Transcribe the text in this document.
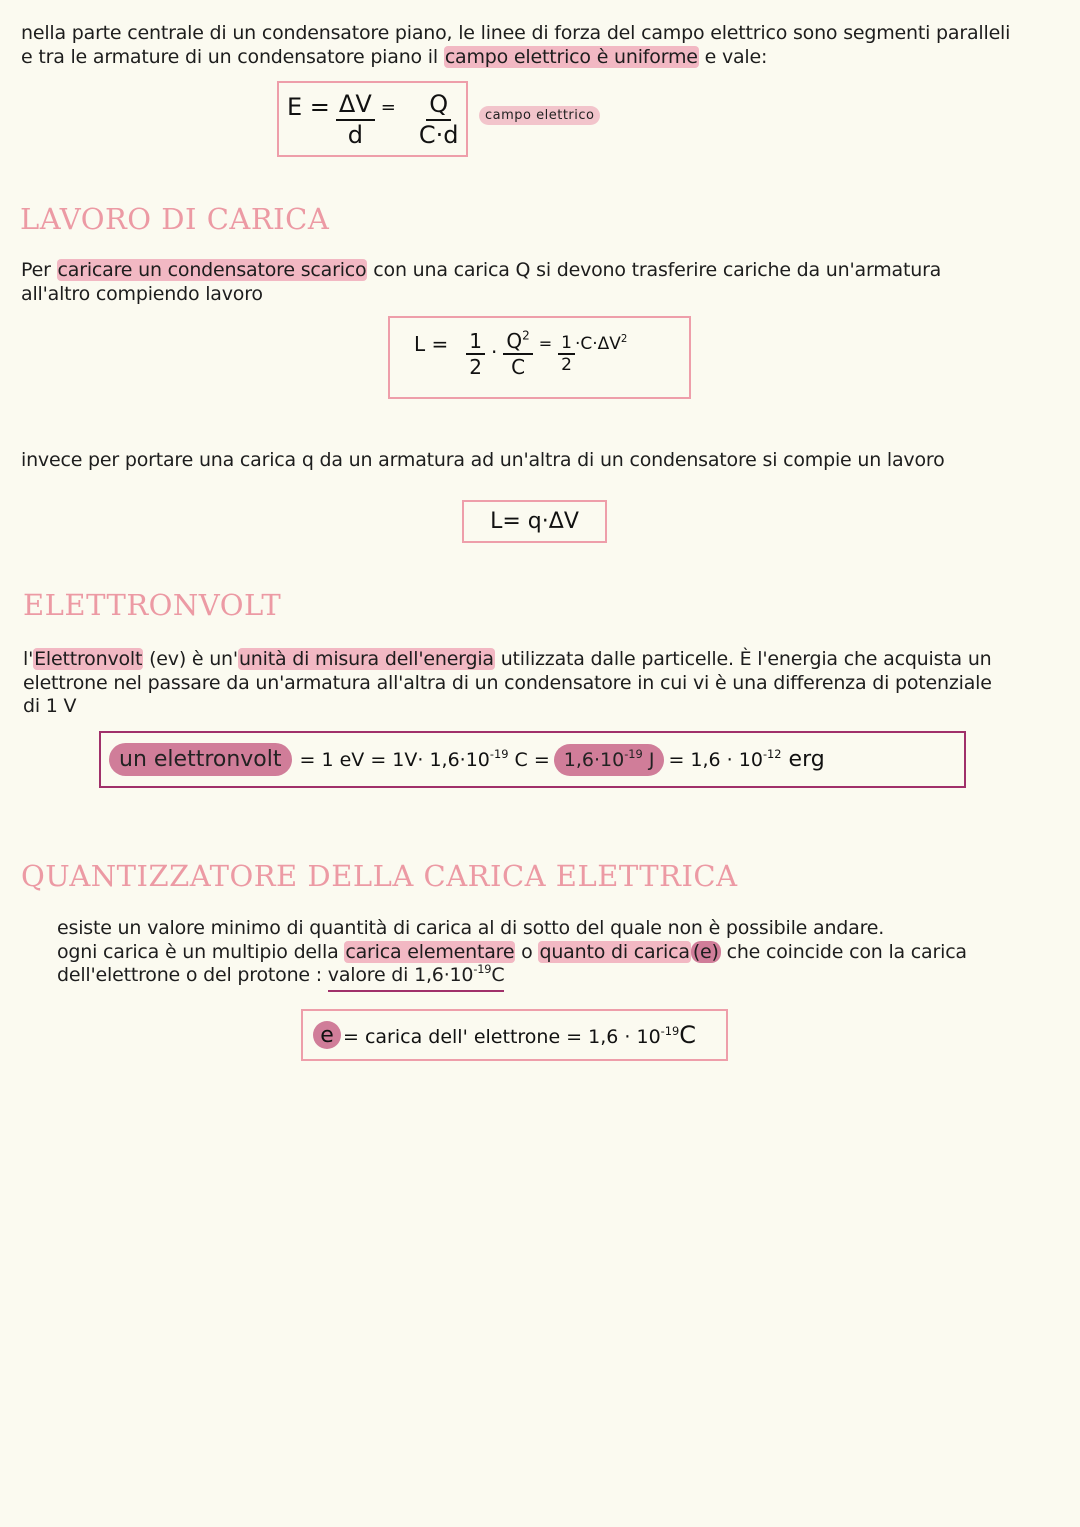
nella parte centrale di un condensatore piano, le linee di forza del campo elettrico sono segmenti paralleli
e tra le armature di un condensatore piano il campo elettrico è uniforme e vale:
$E = \frac{\Delta V}{d} = \frac{Q}{C\cdot d}$	campo elettrico
LAVORO DI CARICA
Per caricare un condensatore scarico con una carica Q si devono trasferire cariche da un'armatura
all'altro compiendo lavoro
$L = \frac{1}{2} \cdot \frac{Q^2}{C} = \frac{1}{2} \cdot C\cdot\Delta V^2$
invece per portare una carica q da un armatura ad un'altra di un condensatore si compie un lavoro
L= q·ΔV
ELETTRONVOLT
l'Elettronvolt (ev) è un'unità di misura dell'energia utilizzata dalle particelle. È l'energia che acquista un
elettrone nel passare da un'armatura all'altra di un condensatore in cui vi è una differenza di potenziale
di 1 V
un elettronvolt = 1 eV = $1V\cdot 1,6\cdot 10^{-19}$ $C = 1,6\cdot 10^{-19}$ $J = 1,6 \cdot 10^{-12}$ erg
QUANTIZZATORE DELLA CARICA ELETTRICA
esiste un valore minimo di quantità di carica al di sotto del quale non è possibile andare.
ogni carica è un multipio della carica elementare o quanto di carica (e) che coincide con la carica
dell'elettrone o del protone : valore di $1,6\cdot 10^{-19}C$
e = carica dell' elettrone = $1,6 \cdot 10^{-19}C$
